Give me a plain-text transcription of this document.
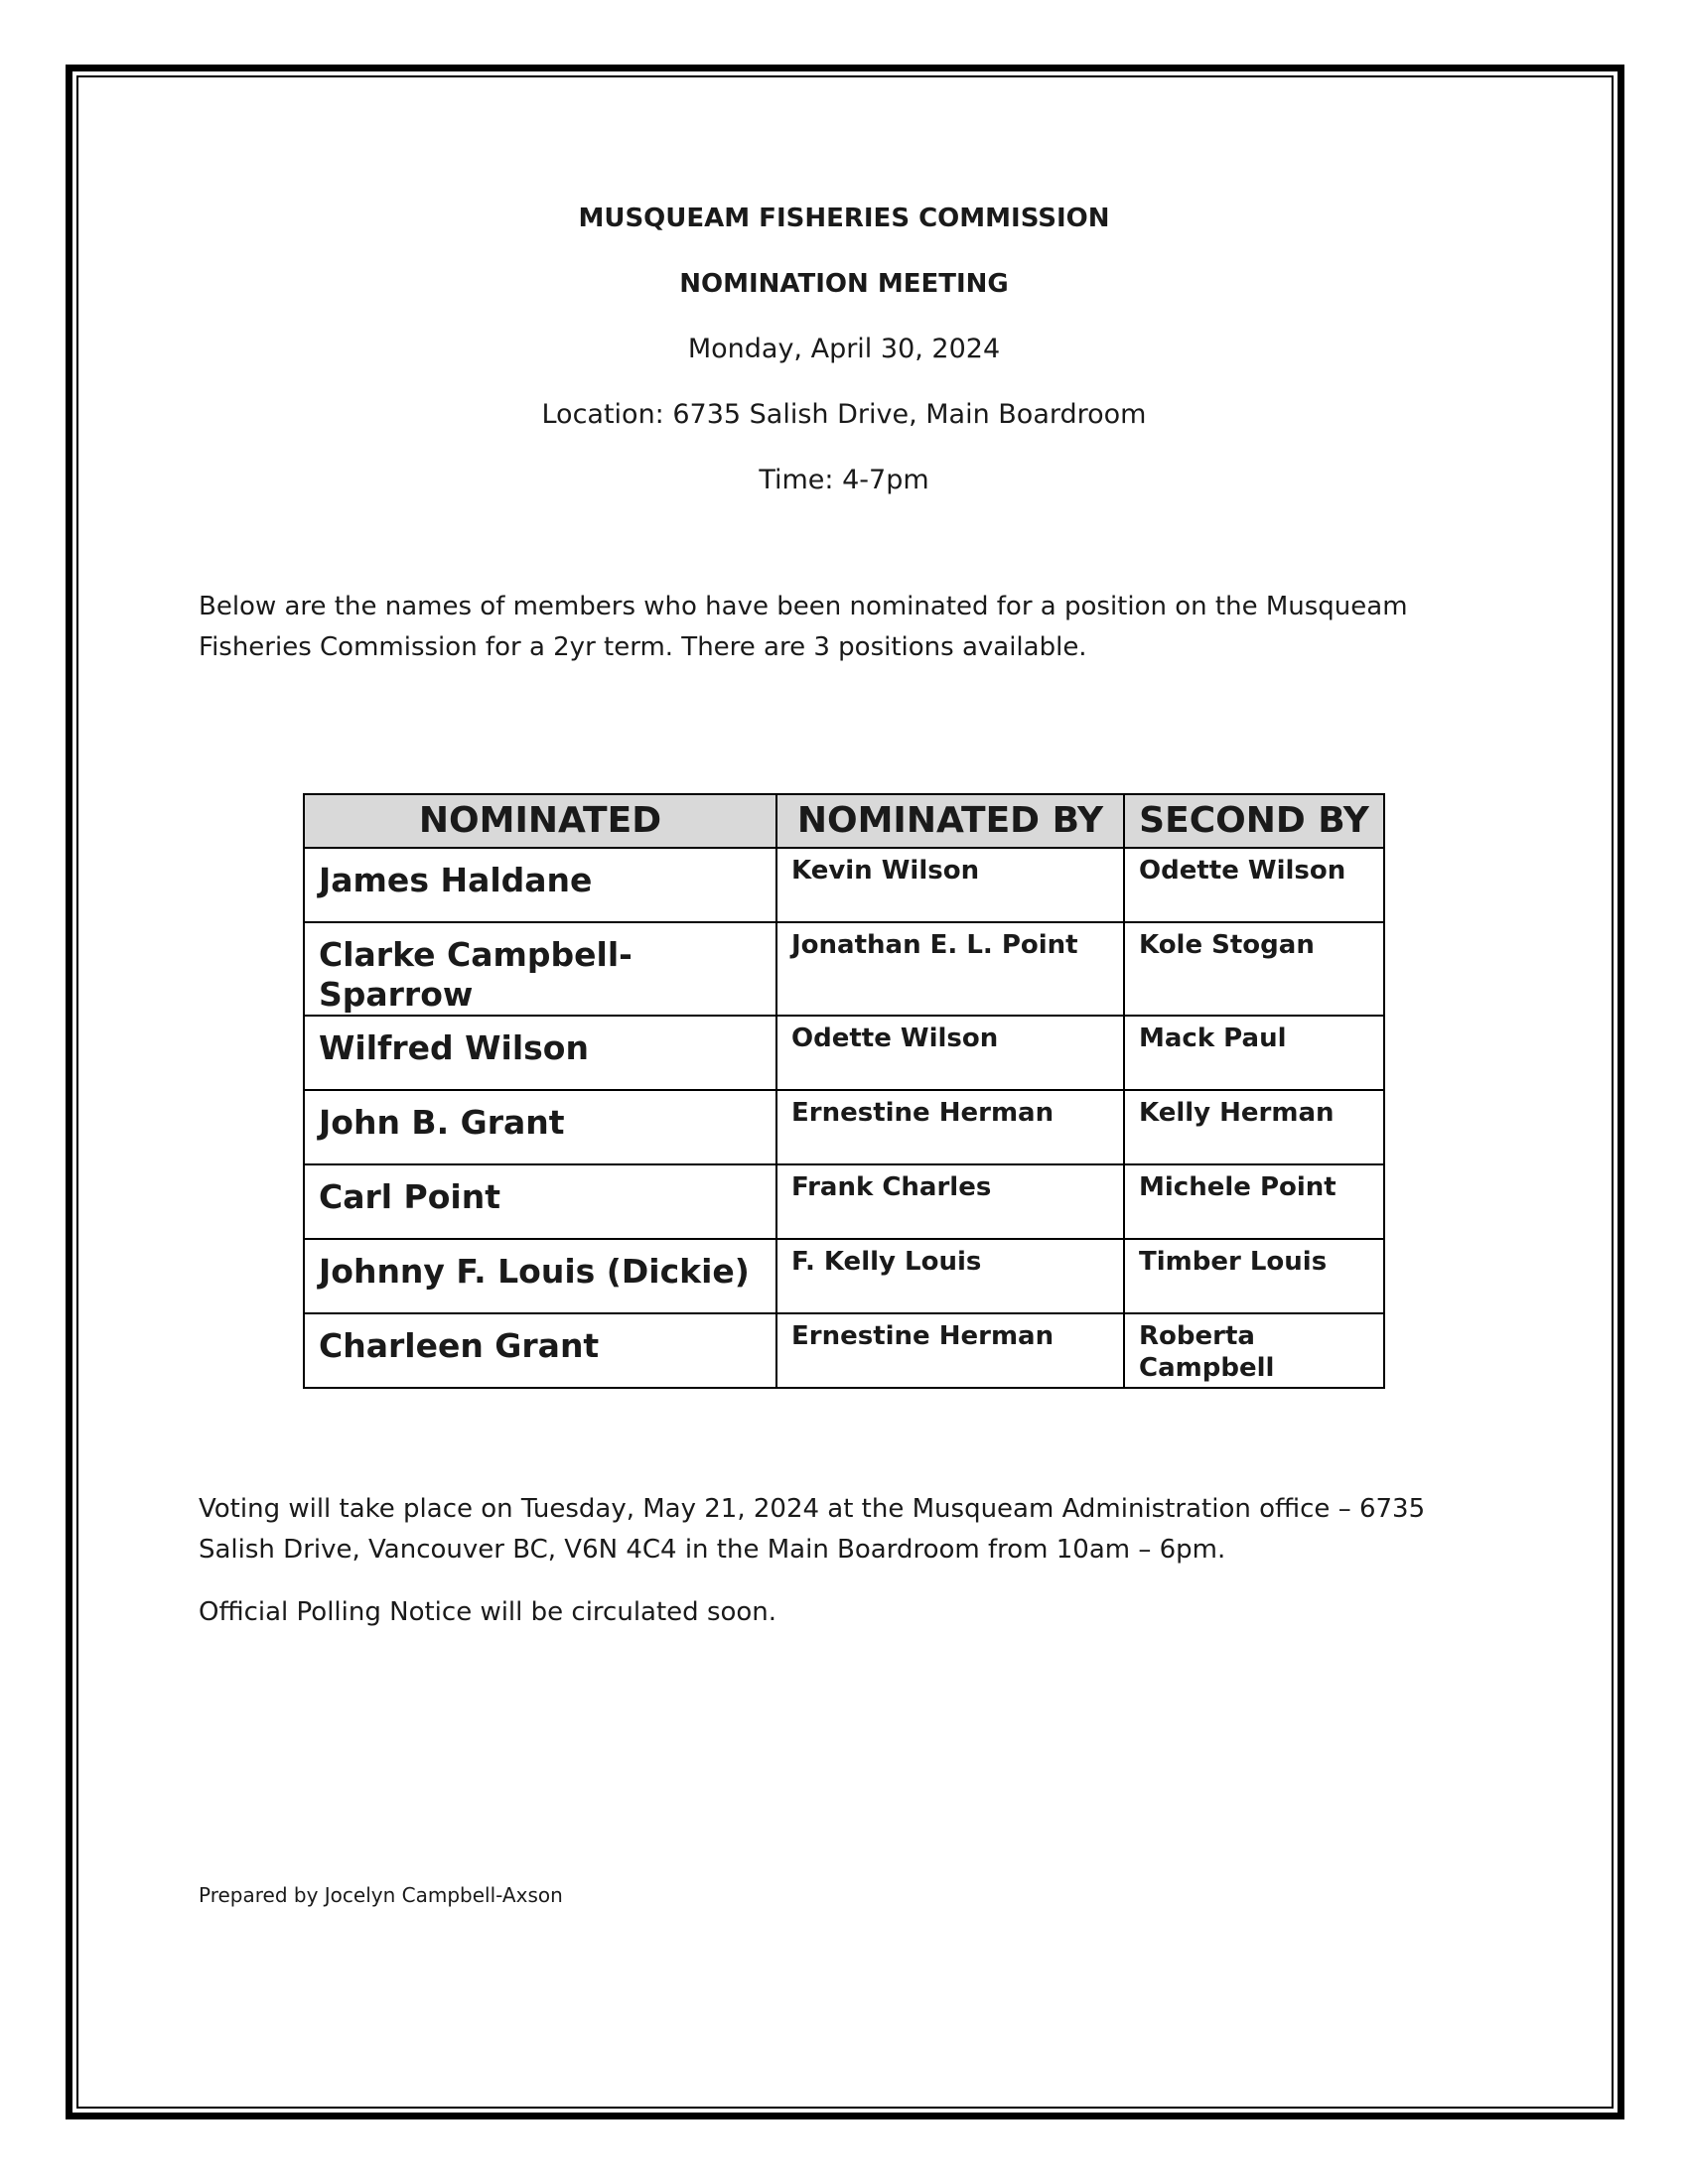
MUSQUEAM FISHERIES COMMISSION
NOMINATION MEETING
Monday, April 30, 2024
Location: 6735 Salish Drive, Main Boardroom
Time: 4-7pm

Below are the names of members who have been nominated for a position on the Musqueam Fisheries Commission for a 2yr term. There are 3 positions available.

NOMINATED	NOMINATED BY	SECOND BY
James Haldane	Kevin Wilson	Odette Wilson
Clarke Campbell-Sparrow	Jonathan E. L. Point	Kole Stogan
Wilfred Wilson	Odette Wilson	Mack Paul
John B. Grant	Ernestine Herman	Kelly Herman
Carl Point	Frank Charles	Michele Point
Johnny F. Louis (Dickie)	F. Kelly Louis	Timber Louis
Charleen Grant	Ernestine Herman	Roberta Campbell

Voting will take place on Tuesday, May 21, 2024 at the Musqueam Administration office – 6735 Salish Drive, Vancouver BC, V6N 4C4 in the Main Boardroom from 10am – 6pm.

Official Polling Notice will be circulated soon.

Prepared by Jocelyn Campbell-Axson
